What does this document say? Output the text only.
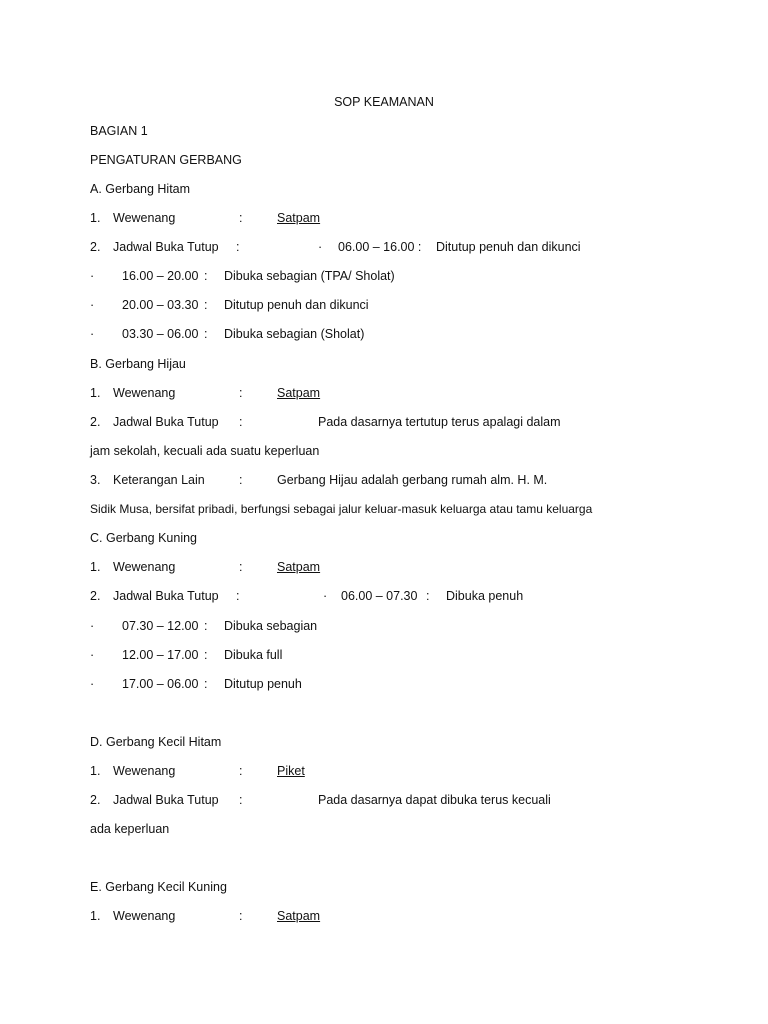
SOP KEAMANAN
BAGIAN 1
PENGATURAN GERBANG
A. Gerbang Hitam
1. Wewenang	:	Satpam
2. Jadwal Buka Tutup :	· 06.00 – 16.00 : Ditutup penuh dan dikunci
· 16.00 – 20.00 : Dibuka sebagian (TPA/ Sholat)
· 20.00 – 03.30 : Ditutup penuh dan dikunci
· 03.30 – 06.00 : Dibuka sebagian (Sholat)
B. Gerbang Hijau
1. Wewenang	:	Satpam
2. Jadwal Buka Tutup :	Pada dasarnya tertutup terus apalagi dalam
jam sekolah, kecuali ada suatu keperluan
3. Keterangan Lain	:	Gerbang Hijau adalah gerbang rumah alm. H. M.
Sidik Musa, bersifat pribadi, berfungsi sebagai jalur keluar-masuk keluarga atau tamu keluarga
C. Gerbang Kuning
1. Wewenang	:	Satpam
2. Jadwal Buka Tutup :	· 06.00 – 07.30 : Dibuka penuh
· 07.30 – 12.00 : Dibuka sebagian
· 12.00 – 17.00 : Dibuka full
· 17.00 – 06.00 : Ditutup penuh
D. Gerbang Kecil Hitam
1. Wewenang	:	Piket
2. Jadwal Buka Tutup :	Pada dasarnya dapat dibuka terus kecuali
ada keperluan
E. Gerbang Kecil Kuning
1. Wewenang	:	Satpam
